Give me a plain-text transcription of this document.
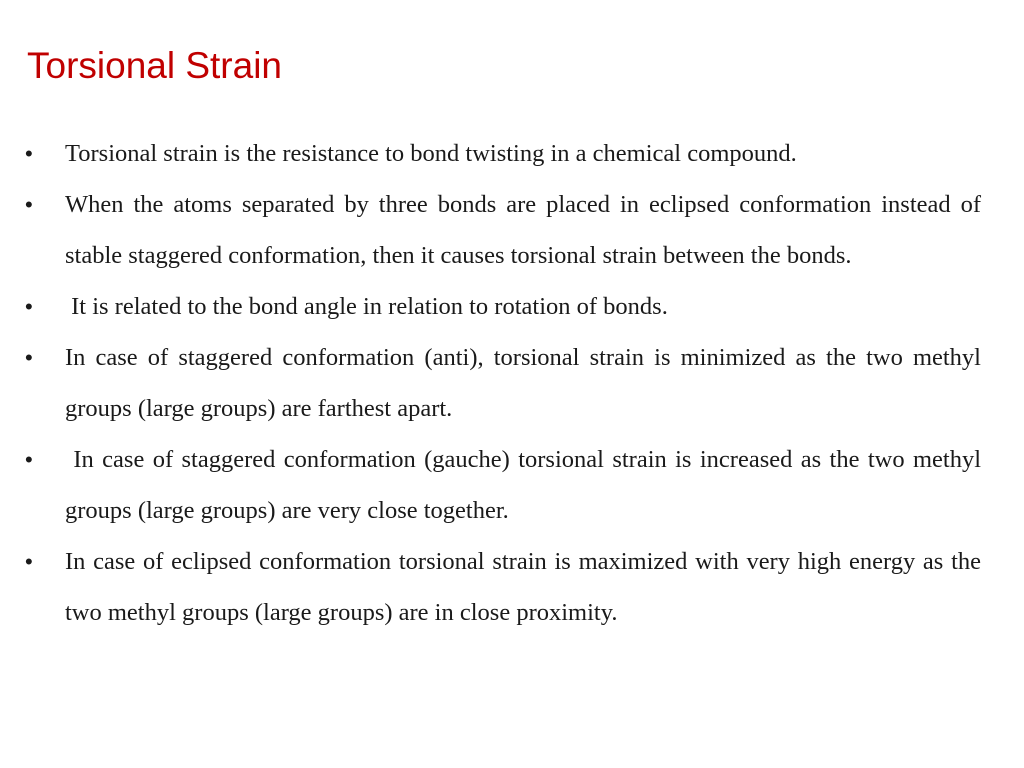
Torsional Strain
•	Torsional strain is the resistance to bond twisting in a chemical compound.
•	When the atoms separated by three bonds are placed in eclipsed conformation instead of stable staggered conformation, then it causes torsional strain between the bonds.
•	It is related to the bond angle in relation to rotation of bonds.
•	In case of staggered conformation (anti), torsional strain is minimized as the two methyl groups (large groups) are farthest apart.
•	In case of staggered conformation (gauche) torsional strain is increased as the two methyl groups (large groups) are very close together.
•	In case of eclipsed conformation torsional strain is maximized with very high energy as the two methyl groups (large groups) are in close proximity.
